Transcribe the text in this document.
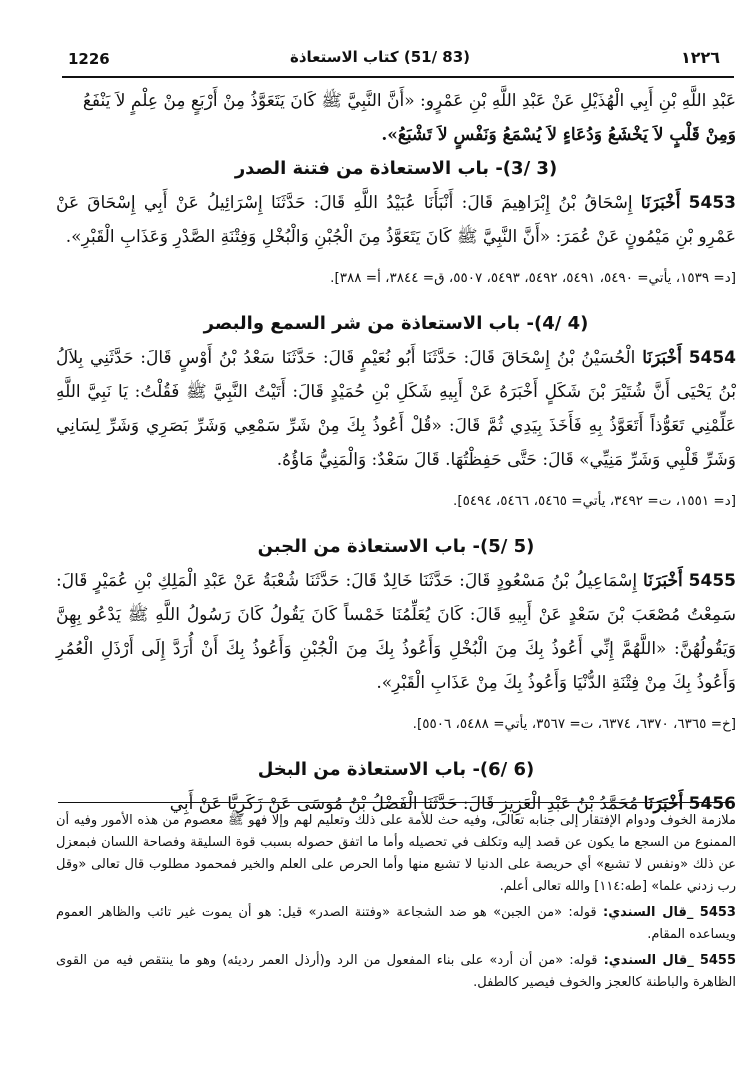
1226	(83 /51) كتاب الاستعاذة	١٢٢٦

عَبْدِ اللَّهِ بْنِ أَبِي الْهُذَيْلِ عَنْ عَبْدِ اللَّهِ بْنِ عَمْرٍو: «أَنَّ النَّبِيَّ ﷺ كَانَ يَتَعَوَّذُ مِنْ أَرْبَعٍ مِنْ عِلْمٍ لاَ يَنْفَعُ

وَمِنْ قَلْبٍ لاَ يَخْشَعُ وَدُعَاءٍ لاَ يُسْمَعُ وَنَفْسٍ لاَ تَشْبَعُ».

(3 /3)- باب الاستعاذة من فتنة الصدر

5453 أَخْبَرَنَا إِسْحَاقُ بْنُ إِبْرَاهِيمَ قَالَ: أَنْبَأَنَا عُبَيْدُ اللَّهِ قَالَ: حَدَّثَنَا إِسْرَائِيلُ عَنْ أَبِي إِسْحَاقَ عَنْ عَمْرِو بْنِ مَيْمُونٍ عَنْ عُمَرَ: «أَنَّ النَّبِيَّ ﷺ كَانَ يَتَعَوَّذُ مِنَ الْجُبْنِ وَالْبُخْلِ وَفِتْنَةِ الصَّدْرِ وَعَذَابِ الْقَبْرِ».

[د= ١٥٣٩، يأتي= ٥٤٩٠، ٥٤٩١، ٥٤٩٢، ٥٤٩٣، ٥٥٠٧، ق= ٣٨٤٤، أ= ٣٨٨].

(4 /4)- باب الاستعاذة من شر السمع والبصر

5454 أَخْبَرَنَا الْحُسَيْنُ بْنُ إِسْحَاقَ قَالَ: حَدَّثَنَا أَبُو نُعَيْمٍ قَالَ: حَدَّثَنَا سَعْدُ بْنُ أَوْسٍ قَالَ: حَدَّثَنِي بِلاَلُ بْنُ يَحْيَى أَنَّ شُتَيْرَ بْنَ شَكَلٍ أَخْبَرَهُ عَنْ أَبِيهِ شَكَلِ بْنِ حُمَيْدٍ قَالَ: أَتَيْتُ النَّبِيَّ ﷺ فَقُلْتُ: يَا نَبِيَّ اللَّهِ عَلِّمْنِي تَعَوُّذاً أَتَعَوَّذُ بِهِ فَأَخَذَ بِيَدِي ثُمَّ قَالَ: «قُلْ أَعُوذُ بِكَ مِنْ شَرِّ سَمْعِي وَشَرِّ بَصَرِي وَشَرِّ لِسَانِي وَشَرِّ قَلْبِي وَشَرِّ مَنِيِّي» قَالَ: حَتَّى حَفِظْتُهَا. قَالَ سَعْدٌ: وَالْمَنِيُّ مَاؤُهُ.

[د= ١٥٥١، ت= ٣٤٩٢، يأتي= ٥٤٦٥، ٥٤٦٦، ٥٤٩٤].

(5 /5)- باب الاستعاذة من الجبن

5455 أَخْبَرَنَا إِسْمَاعِيلُ بْنُ مَسْعُودٍ قَالَ: حَدَّثَنَا خَالِدٌ قَالَ: حَدَّثَنَا شُعْبَةُ عَنْ عَبْدِ الْمَلِكِ بْنِ عُمَيْرٍ قَالَ: سَمِعْتُ مُصْعَبَ بْنَ سَعْدٍ عَنْ أَبِيهِ قَالَ: كَانَ يُعَلِّمُنَا خَمْساً كَانَ يَقُولُ كَانَ رَسُولُ اللَّهِ ﷺ يَدْعُو بِهِنَّ وَيَقُولُهُنَّ: «اللَّهُمَّ إِنِّي أَعُوذُ بِكَ مِنَ الْبُخْلِ وَأَعُوذُ بِكَ مِنَ الْجُبْنِ وَأَعُوذُ بِكَ أَنْ أُرَدَّ إِلَى أَرْذَلِ الْعُمُرِ وَأَعُوذُ بِكَ مِنْ فِتْنَةِ الدُّنْيَا وَأَعُوذُ بِكَ مِنْ عَذَابِ الْقَبْرِ».

[خ= ٦٣٦٥، ٦٣٧٠، ٦٣٧٤، ت= ٣٥٦٧، يأتي= ٥٤٨٨، ٥٥٠٦].

(6 /6)- باب الاستعاذة من البخل

5456 أَخْبَرَنَا مُحَمَّدُ بْنُ عَبْدِ الْعَزِيزِ قَالَ: حَدَّثَنَا الْفَضْلُ بْنُ مُوسَى عَنْ زَكَرِيَّا عَنْ أَبِي

ملازمة الخوف ودوام الإفتقار إلى جنابه تعالى، وفيه حث للأمة على ذلك وتعليم لهم وإلا فهو ﷺ معصوم من هذه الأمور وفيه أن الممنوع من السجع ما يكون عن قصد إليه وتكلف في تحصيله وأما ما اتفق حصوله بسبب قوة السليقة وفصاحة اللسان فبمعزل عن ذلك «ونفس لا تشبع» أي حريصة على الدنيا لا تشبع منها وأما الحرص على العلم والخير فمحمود مطلوب قال تعالى «وقل رب زدني علما» [طه:١١٤] والله تعالى أعلم.

5453 _قال السندي: قوله: «من الجبن» هو ضد الشجاعة «وفتنة الصدر» قيل: هو أن يموت غير تائب والظاهر العموم ويساعده المقام.

5455 _قال السندي: قوله: «من أن أرد» على بناء المفعول من الرد و(أرذل العمر رديئه) وهو ما ينتقص فيه من القوى الظاهرة والباطنة كالعجز والخوف فيصير كالطفل.
